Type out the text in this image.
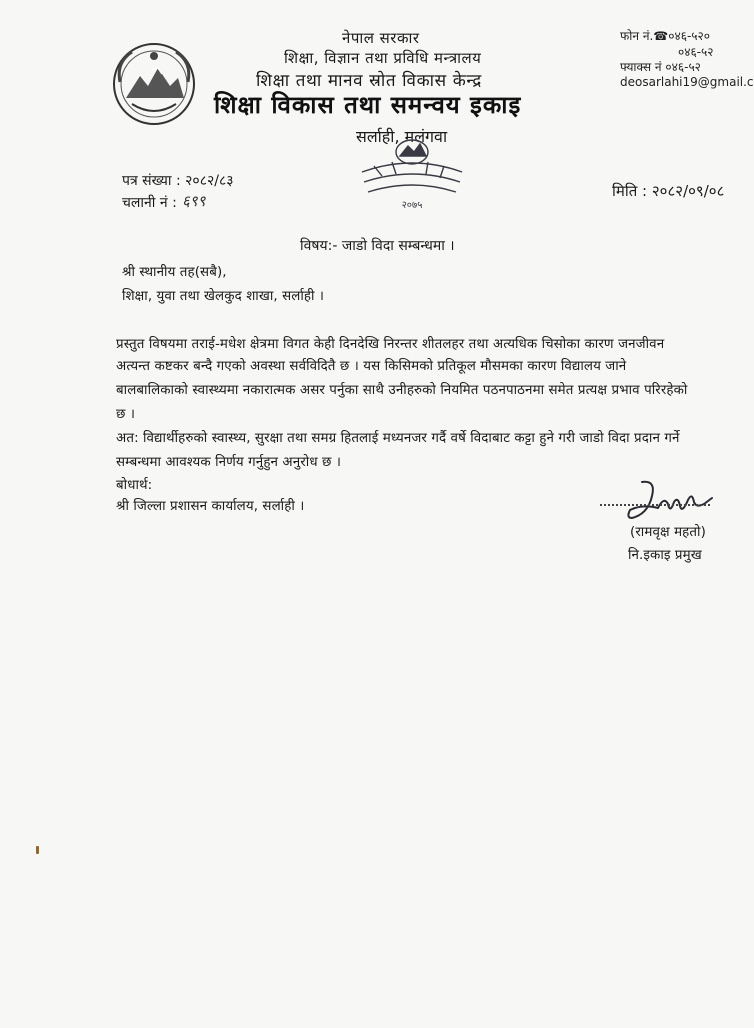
नेपाल सरकार
शिक्षा, विज्ञान तथा प्रविधि मन्त्रालय
शिक्षा तथा मानव स्रोत विकास केन्द्र
शिक्षा विकास तथा समन्वय इकाइ
सर्लाही, मलंगवा
फोन नं.☎०४६-५२०
०४६-५२
फ्याक्स नं ०४६-५२
deosarlahi19@gmail.c
२०७५
पत्र संख्या : २०८२/८३
चलानी नं : ६९९
मिति : २०८२/०९/०८
विषय:- जाडो विदा सम्बन्धमा ।
श्री स्थानीय तह(सबै),
शिक्षा, युवा तथा खेलकुद शाखा, सर्लाही ।
प्रस्तुत विषयमा तराई-मधेश क्षेत्रमा विगत केही दिनदेखि निरन्तर शीतलहर तथा अत्यधिक चिसोका कारण जनजीवन
अत्यन्त कष्टकर बन्दै गएको अवस्था सर्वविदितै छ । यस किसिमको प्रतिकूल मौसमका कारण विद्यालय जाने
बालबालिकाको स्वास्थ्यमा नकारात्मक असर पर्नुका साथै उनीहरुको नियमित पठनपाठनमा समेत प्रत्यक्ष प्रभाव परिरहेको
छ ।
अत: विद्यार्थीहरुको स्वास्थ्य, सुरक्षा तथा समग्र हितलाई मध्यनजर गर्दै वर्षे विदाबाट कट्टा हुने गरी जाडो विदा प्रदान गर्ने
सम्बन्धमा आवश्यक निर्णय गर्नुहुन अनुरोध छ ।
बोधार्थ:
श्री जिल्ला प्रशासन कार्यालय, सर्लाही ।
(रामवृक्ष महतो)
नि.इकाइ प्रमुख
